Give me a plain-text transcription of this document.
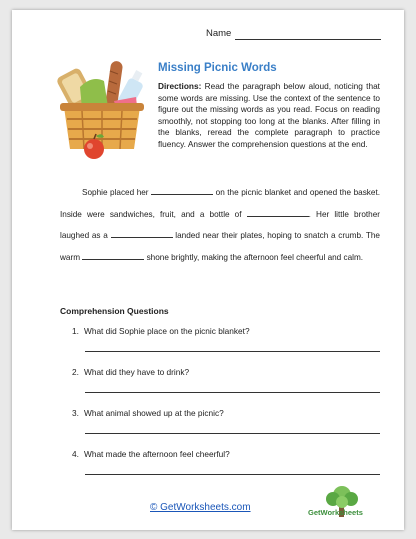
Name
Missing Picnic Words
Directions: Read the paragraph below aloud, noticing that some words are missing. Use the context of the sentence to figure out the missing words as you read. Focus on reading smoothly, not stopping too long at the blanks. After filling in the blanks, reread the complete paragraph to practice fluency. Answer the comprehension questions at the end.
Sophie placed her	on the picnic blanket and opened the basket. Inside were sandwiches, fruit, and a bottle of	. Her little brother laughed as a	landed near their plates, hoping to snatch a crumb. The warm	shone brightly, making the afternoon feel cheerful and calm.
Comprehension Questions
1. What did Sophie place on the picnic blanket?
2. What did they have to drink?
3. What animal showed up at the picnic?
4. What made the afternoon feel cheerful?
© GetWorksheets.com	GetWorksheets
